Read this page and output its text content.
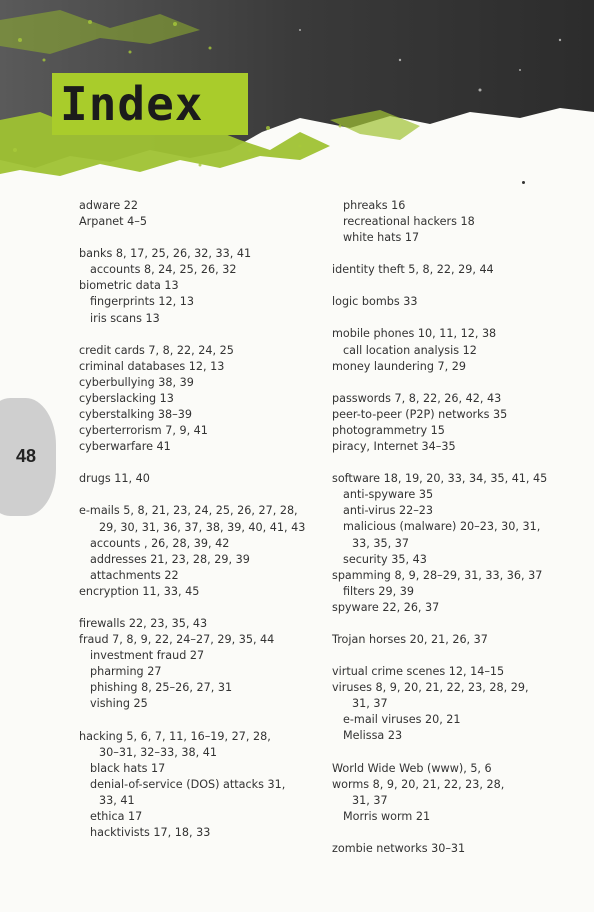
Index
48
adware 22
Arpanet 4–5
banks 8, 17, 25, 26, 32, 33, 41
accounts 8, 24, 25, 26, 32
biometric data 13
fingerprints 12, 13
iris scans 13
credit cards 7, 8, 22, 24, 25
criminal databases 12, 13
cyberbullying 38, 39
cyberslacking 13
cyberstalking 38–39
cyberterrorism 7, 9, 41
cyberwarfare 41
drugs 11, 40
e-mails 5, 8, 21, 23, 24, 25, 26, 27, 28,
29, 30, 31, 36, 37, 38, 39, 40, 41, 43
accounts , 26, 28, 39, 42
addresses 21, 23, 28, 29, 39
attachments 22
encryption 11, 33, 45
firewalls 22, 23, 35, 43
fraud 7, 8, 9, 22, 24–27, 29, 35, 44
investment fraud 27
pharming 27
phishing 8, 25–26, 27, 31
vishing 25
hacking 5, 6, 7, 11, 16–19, 27, 28,
30–31, 32–33, 38, 41
black hats 17
denial-of-service (DOS) attacks 31,
33, 41
ethica 17
hacktivists 17, 18, 33
phreaks 16
recreational hackers 18
white hats 17
identity theft 5, 8, 22, 29, 44
logic bombs 33
mobile phones 10, 11, 12, 38
call location analysis 12
money laundering 7, 29
passwords 7, 8, 22, 26, 42, 43
peer-to-peer (P2P) networks 35
photogrammetry 15
piracy, Internet 34–35
software 18, 19, 20, 33, 34, 35, 41, 45
anti-spyware 35
anti-virus 22–23
malicious (malware) 20–23, 30, 31,
33, 35, 37
security 35, 43
spamming 8, 9, 28–29, 31, 33, 36, 37
filters 29, 39
spyware 22, 26, 37
Trojan horses 20, 21, 26, 37
virtual crime scenes 12, 14–15
viruses 8, 9, 20, 21, 22, 23, 28, 29,
31, 37
e-mail viruses 20, 21
Melissa 23
World Wide Web (www), 5, 6
worms 8, 9, 20, 21, 22, 23, 28,
31, 37
Morris worm 21
zombie networks 30–31
